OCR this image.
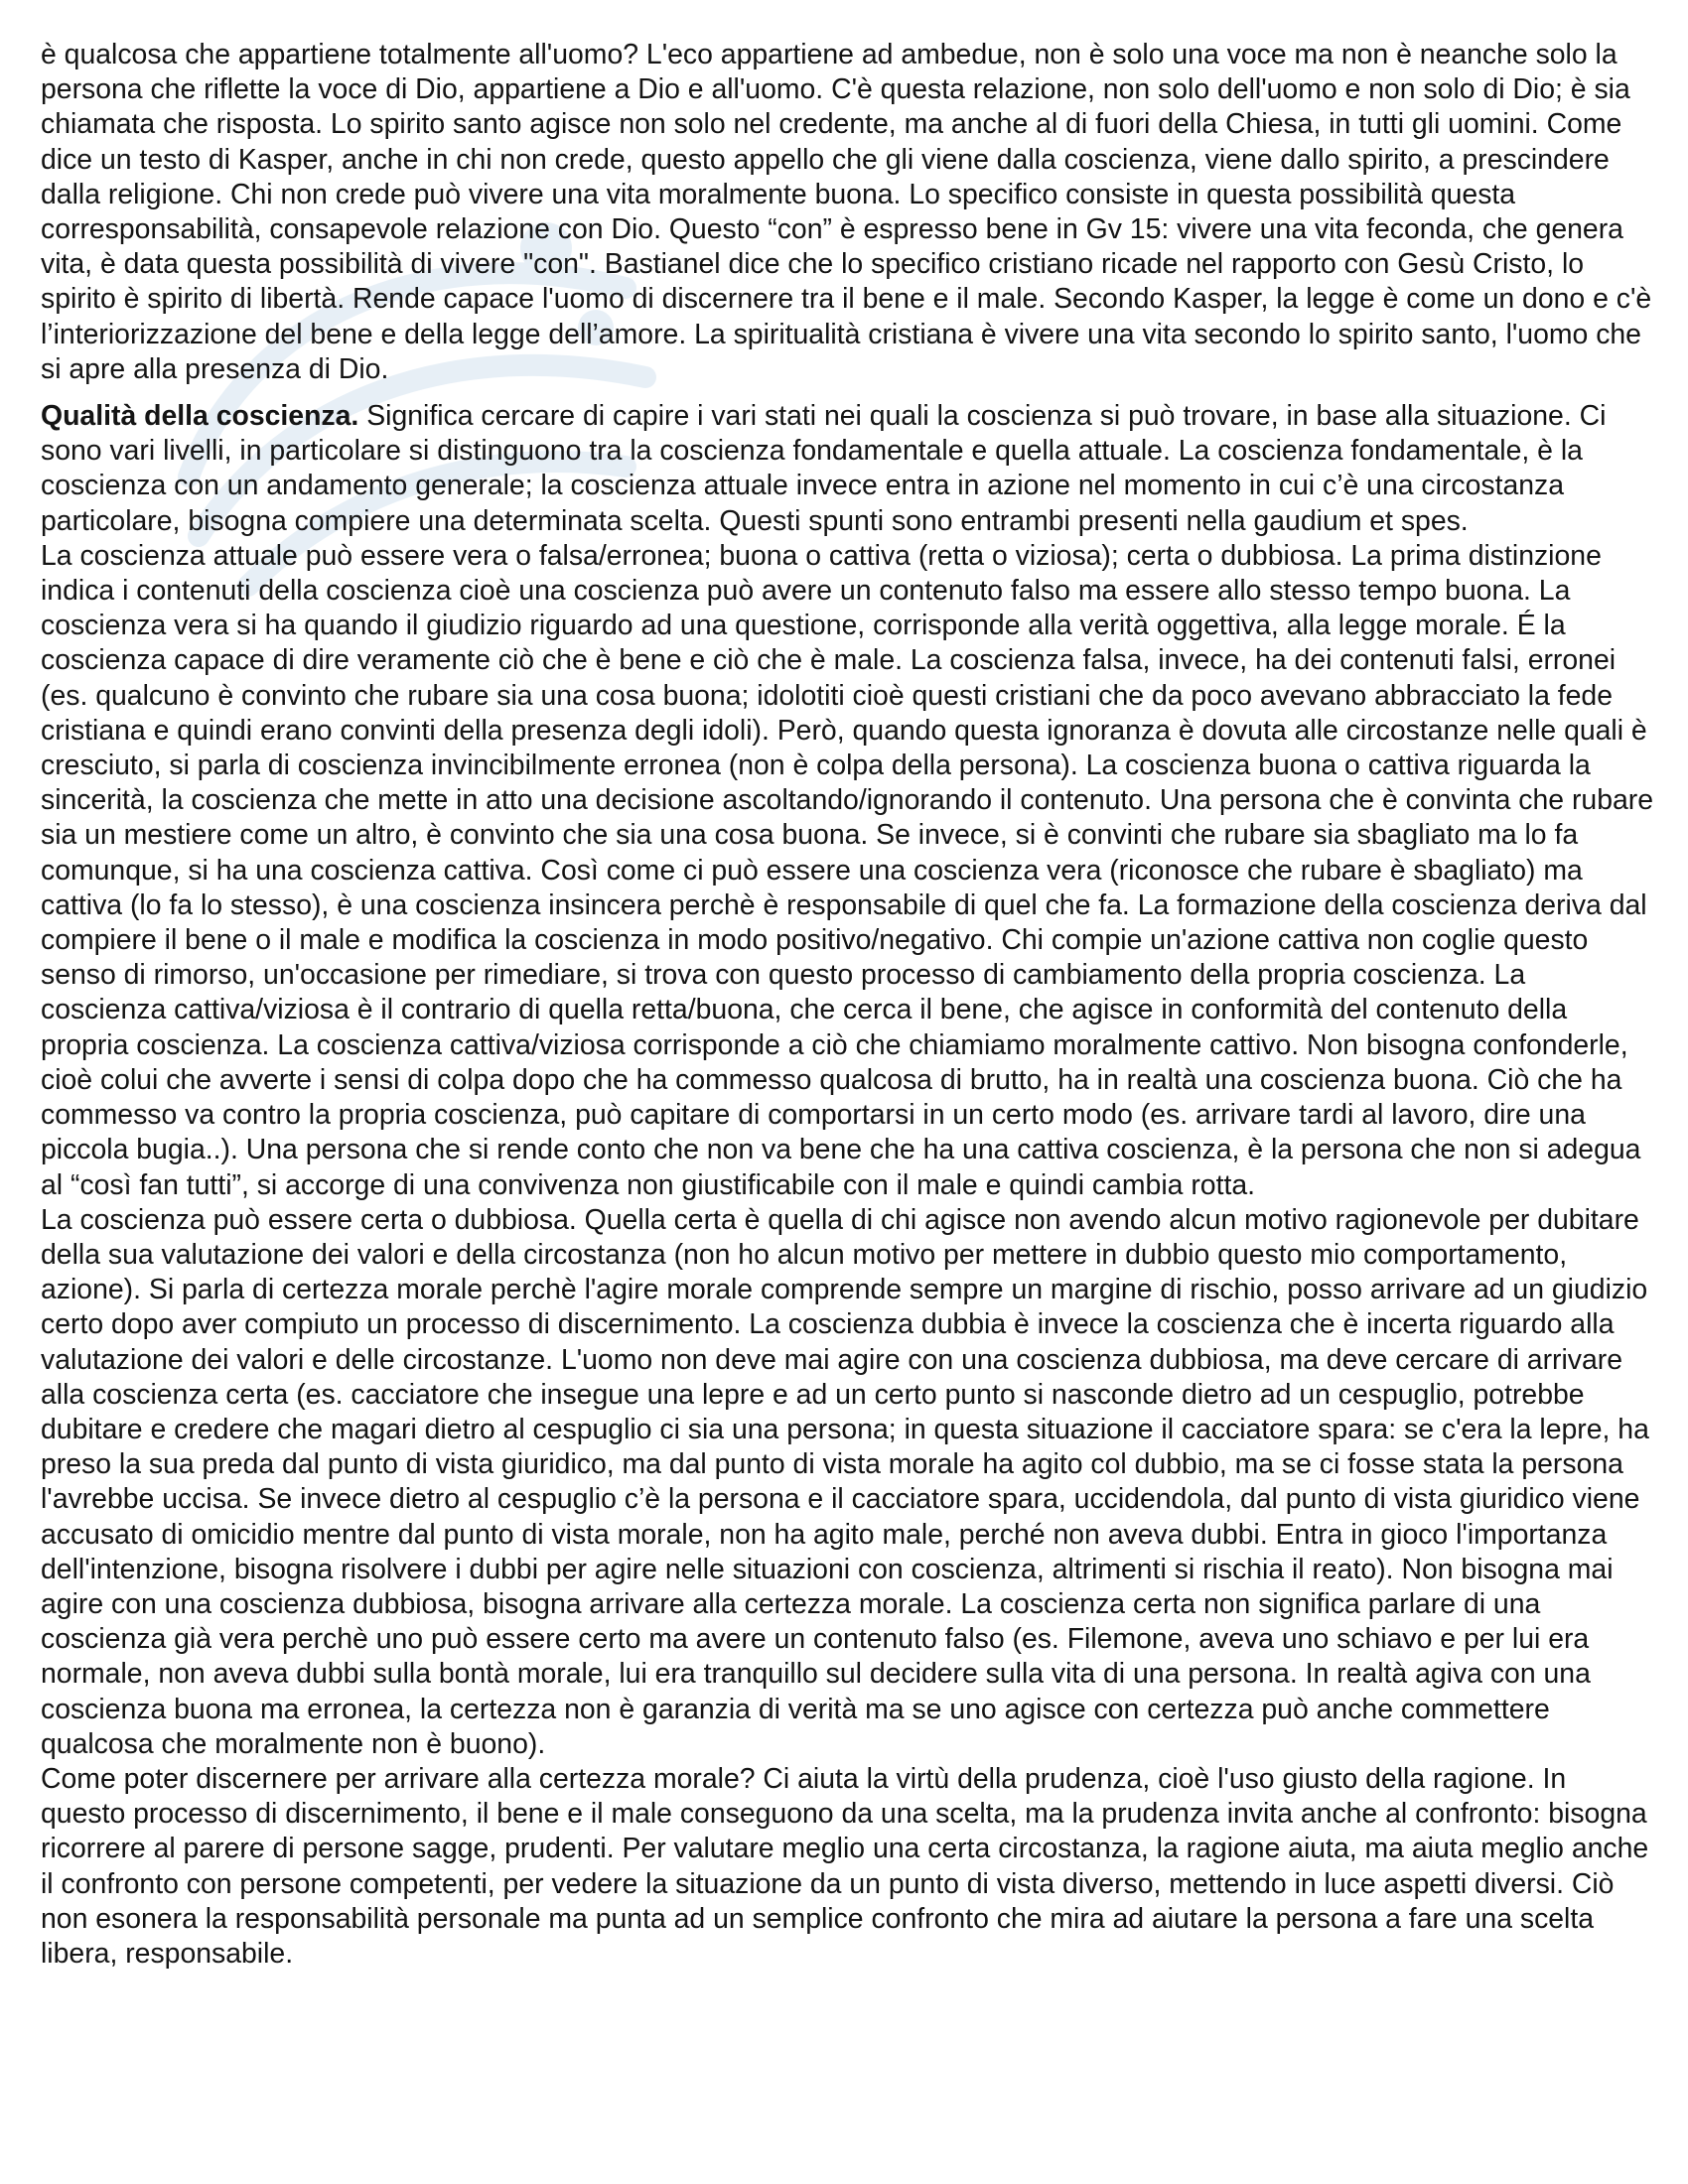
è qualcosa che appartiene totalmente all'uomo? L'eco appartiene ad ambedue, non è solo una voce ma non è neanche solo la persona che riflette la voce di Dio, appartiene a Dio e all'uomo. C'è questa relazione, non solo dell'uomo e non solo di Dio; è sia chiamata che risposta. Lo spirito santo agisce non solo nel credente, ma anche al di fuori della Chiesa, in tutti gli uomini. Come dice un testo di Kasper, anche in chi non crede, questo appello che gli viene dalla coscienza, viene dallo spirito, a prescindere dalla religione. Chi non crede può vivere una vita moralmente buona. Lo specifico consiste in questa possibilità questa corresponsabilità, consapevole relazione con Dio. Questo “con” è espresso bene in Gv 15: vivere una vita feconda, che genera vita, è data questa possibilità di vivere "con". Bastianel dice che lo specifico cristiano ricade nel rapporto con Gesù Cristo, lo spirito è spirito di libertà. Rende capace l'uomo di discernere tra il bene e il male. Secondo Kasper, la legge è come un dono e c'è l’interiorizzazione del bene e della legge dell’amore. La spiritualità cristiana è vivere una vita secondo lo spirito santo, l'uomo che si apre alla presenza di Dio.

Qualità della coscienza. Significa cercare di capire i vari stati nei quali la coscienza si può trovare, in base alla situazione. Ci sono vari livelli, in particolare si distinguono tra la coscienza fondamentale e quella attuale. La coscienza fondamentale, è la coscienza con un andamento generale; la coscienza attuale invece entra in azione nel momento in cui c’è una circostanza particolare, bisogna compiere una determinata scelta. Questi spunti sono entrambi presenti nella gaudium et spes.

La coscienza attuale può essere vera o falsa/erronea; buona o cattiva (retta o viziosa); certa o dubbiosa. La prima distinzione indica i contenuti della coscienza cioè una coscienza può avere un contenuto falso ma essere allo stesso tempo buona. La coscienza vera si ha quando il giudizio riguardo ad una questione, corrisponde alla verità oggettiva, alla legge morale. É la coscienza capace di dire veramente ciò che è bene e ciò che è male. La coscienza falsa, invece, ha dei contenuti falsi, erronei (es. qualcuno è convinto che rubare sia una cosa buona; idolotiti cioè questi cristiani che da poco avevano abbracciato la fede cristiana e quindi erano convinti della presenza degli idoli). Però, quando questa ignoranza è dovuta alle circostanze nelle quali è cresciuto, si parla di coscienza invincibilmente erronea (non è colpa della persona). La coscienza buona o cattiva riguarda la sincerità, la coscienza che mette in atto una decisione ascoltando/ignorando il contenuto. Una persona che è convinta che rubare sia un mestiere come un altro, è convinto che sia una cosa buona. Se invece, si è convinti che rubare sia sbagliato ma lo fa comunque, si ha una coscienza cattiva. Così come ci può essere una coscienza vera (riconosce che rubare è sbagliato) ma cattiva (lo fa lo stesso), è una coscienza insincera perchè è responsabile di quel che fa. La formazione della coscienza deriva dal compiere il bene o il male e modifica la coscienza in modo positivo/negativo. Chi compie un'azione cattiva non coglie questo senso di rimorso, un'occasione per rimediare, si trova con questo processo di cambiamento della propria coscienza. La coscienza cattiva/viziosa è il contrario di quella retta/buona, che cerca il bene, che agisce in conformità del contenuto della propria coscienza. La coscienza cattiva/viziosa corrisponde a ciò che chiamiamo moralmente cattivo. Non bisogna confonderle, cioè colui che avverte i sensi di colpa dopo che ha commesso qualcosa di brutto, ha in realtà una coscienza buona. Ciò che ha commesso va contro la propria coscienza, può capitare di comportarsi in un certo modo (es. arrivare tardi al lavoro, dire una piccola bugia..). Una persona che si rende conto che non va bene che ha una cattiva coscienza, è la persona che non si adegua al “così fan tutti”, si accorge di una convivenza non giustificabile con il male e quindi cambia rotta.

La coscienza può essere certa o dubbiosa. Quella certa è quella di chi agisce non avendo alcun motivo ragionevole per dubitare della sua valutazione dei valori e della circostanza (non ho alcun motivo per mettere in dubbio questo mio comportamento, azione). Si parla di certezza morale perchè l'agire morale comprende sempre un margine di rischio, posso arrivare ad un giudizio certo dopo aver compiuto un processo di discernimento. La coscienza dubbia è invece la coscienza che è incerta riguardo alla valutazione dei valori e delle circostanze. L'uomo non deve mai agire con una coscienza dubbiosa, ma deve cercare di arrivare alla coscienza certa (es. cacciatore che insegue una lepre e ad un certo punto si nasconde dietro ad un cespuglio, potrebbe dubitare e credere che magari dietro al cespuglio ci sia una persona; in questa situazione il cacciatore spara: se c'era la lepre, ha preso la sua preda dal punto di vista giuridico, ma dal punto di vista morale ha agito col dubbio, ma se ci fosse stata la persona l'avrebbe uccisa. Se invece dietro al cespuglio c’è la persona e il cacciatore spara, uccidendola, dal punto di vista giuridico viene accusato di omicidio mentre dal punto di vista morale, non ha agito male, perché non aveva dubbi. Entra in gioco l'importanza dell'intenzione, bisogna risolvere i dubbi per agire nelle situazioni con coscienza, altrimenti si rischia il reato). Non bisogna mai agire con una coscienza dubbiosa, bisogna arrivare alla certezza morale. La coscienza certa non significa parlare di una coscienza già vera perchè uno può essere certo ma avere un contenuto falso (es. Filemone, aveva uno schiavo e per lui era normale, non aveva dubbi sulla bontà morale, lui era tranquillo sul decidere sulla vita di una persona. In realtà agiva con una coscienza buona ma erronea, la certezza non è garanzia di verità ma se uno agisce con certezza può anche commettere qualcosa che moralmente non è buono).

Come poter discernere per arrivare alla certezza morale? Ci aiuta la virtù della prudenza, cioè l'uso giusto della ragione. In questo processo di discernimento, il bene e il male conseguono da una scelta, ma la prudenza invita anche al confronto: bisogna ricorrere al parere di persone sagge, prudenti. Per valutare meglio una certa circostanza, la ragione aiuta, ma aiuta meglio anche il confronto con persone competenti, per vedere la situazione da un punto di vista diverso, mettendo in luce aspetti diversi. Ciò non esonera la responsabilità personale ma punta ad un semplice confronto che mira ad aiutare la persona a fare una scelta libera, responsabile.
